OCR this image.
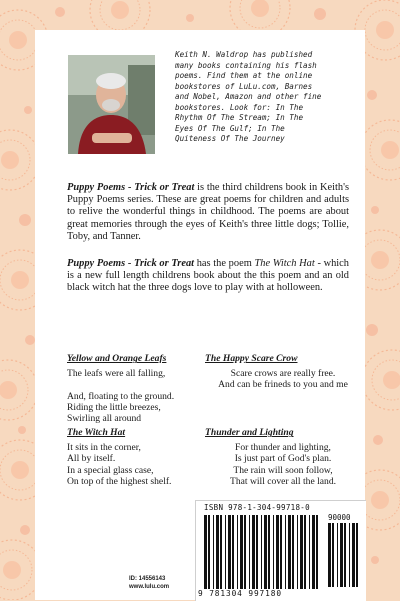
Keith N. Waldrop has published
many books containing his flash
poems. Find them at the online
bookstores of LuLu.com, Barnes
and Nobel, Amazon and other fine
bookstores. Look for: In The
Rhythm Of The Stream; In The
Eyes Of The Gulf; In The
Quiteness Of The Journey

Puppy Poems - Trick or Treat is the third childrens book in Keith's Puppy Poems series. These are great poems for children and adults to relive the wonderful things in childhood. The poems are about great memories through the eyes of Keith's three little dogs; Tollie, Toby, and Tanner.

Puppy Poems - Trick or Treat has the poem The Witch Hat - which is a new full length childrens book about the this poem and an old black witch hat the three dogs love to play with at holloween.

Yellow and Orange Leafs
The leafs were all falling,

And, floating to the ground.
Riding the little breezes,
Swirling all around

The Happy Scare Crow
Scare crows are really free.
And can be frineds to you and me

The Witch Hat
It sits in the corner,
All by itself.
In a special glass case,
On top of the highest shelf.

Thunder and Lighting
For thunder and lighting,
Is just part of God's plan.
The rain will soon follow,
That will cover all the land.

ID: 14556143
www.lulu.com
ISBN 978-1-304-99718-0
90000
9 781304 997180
